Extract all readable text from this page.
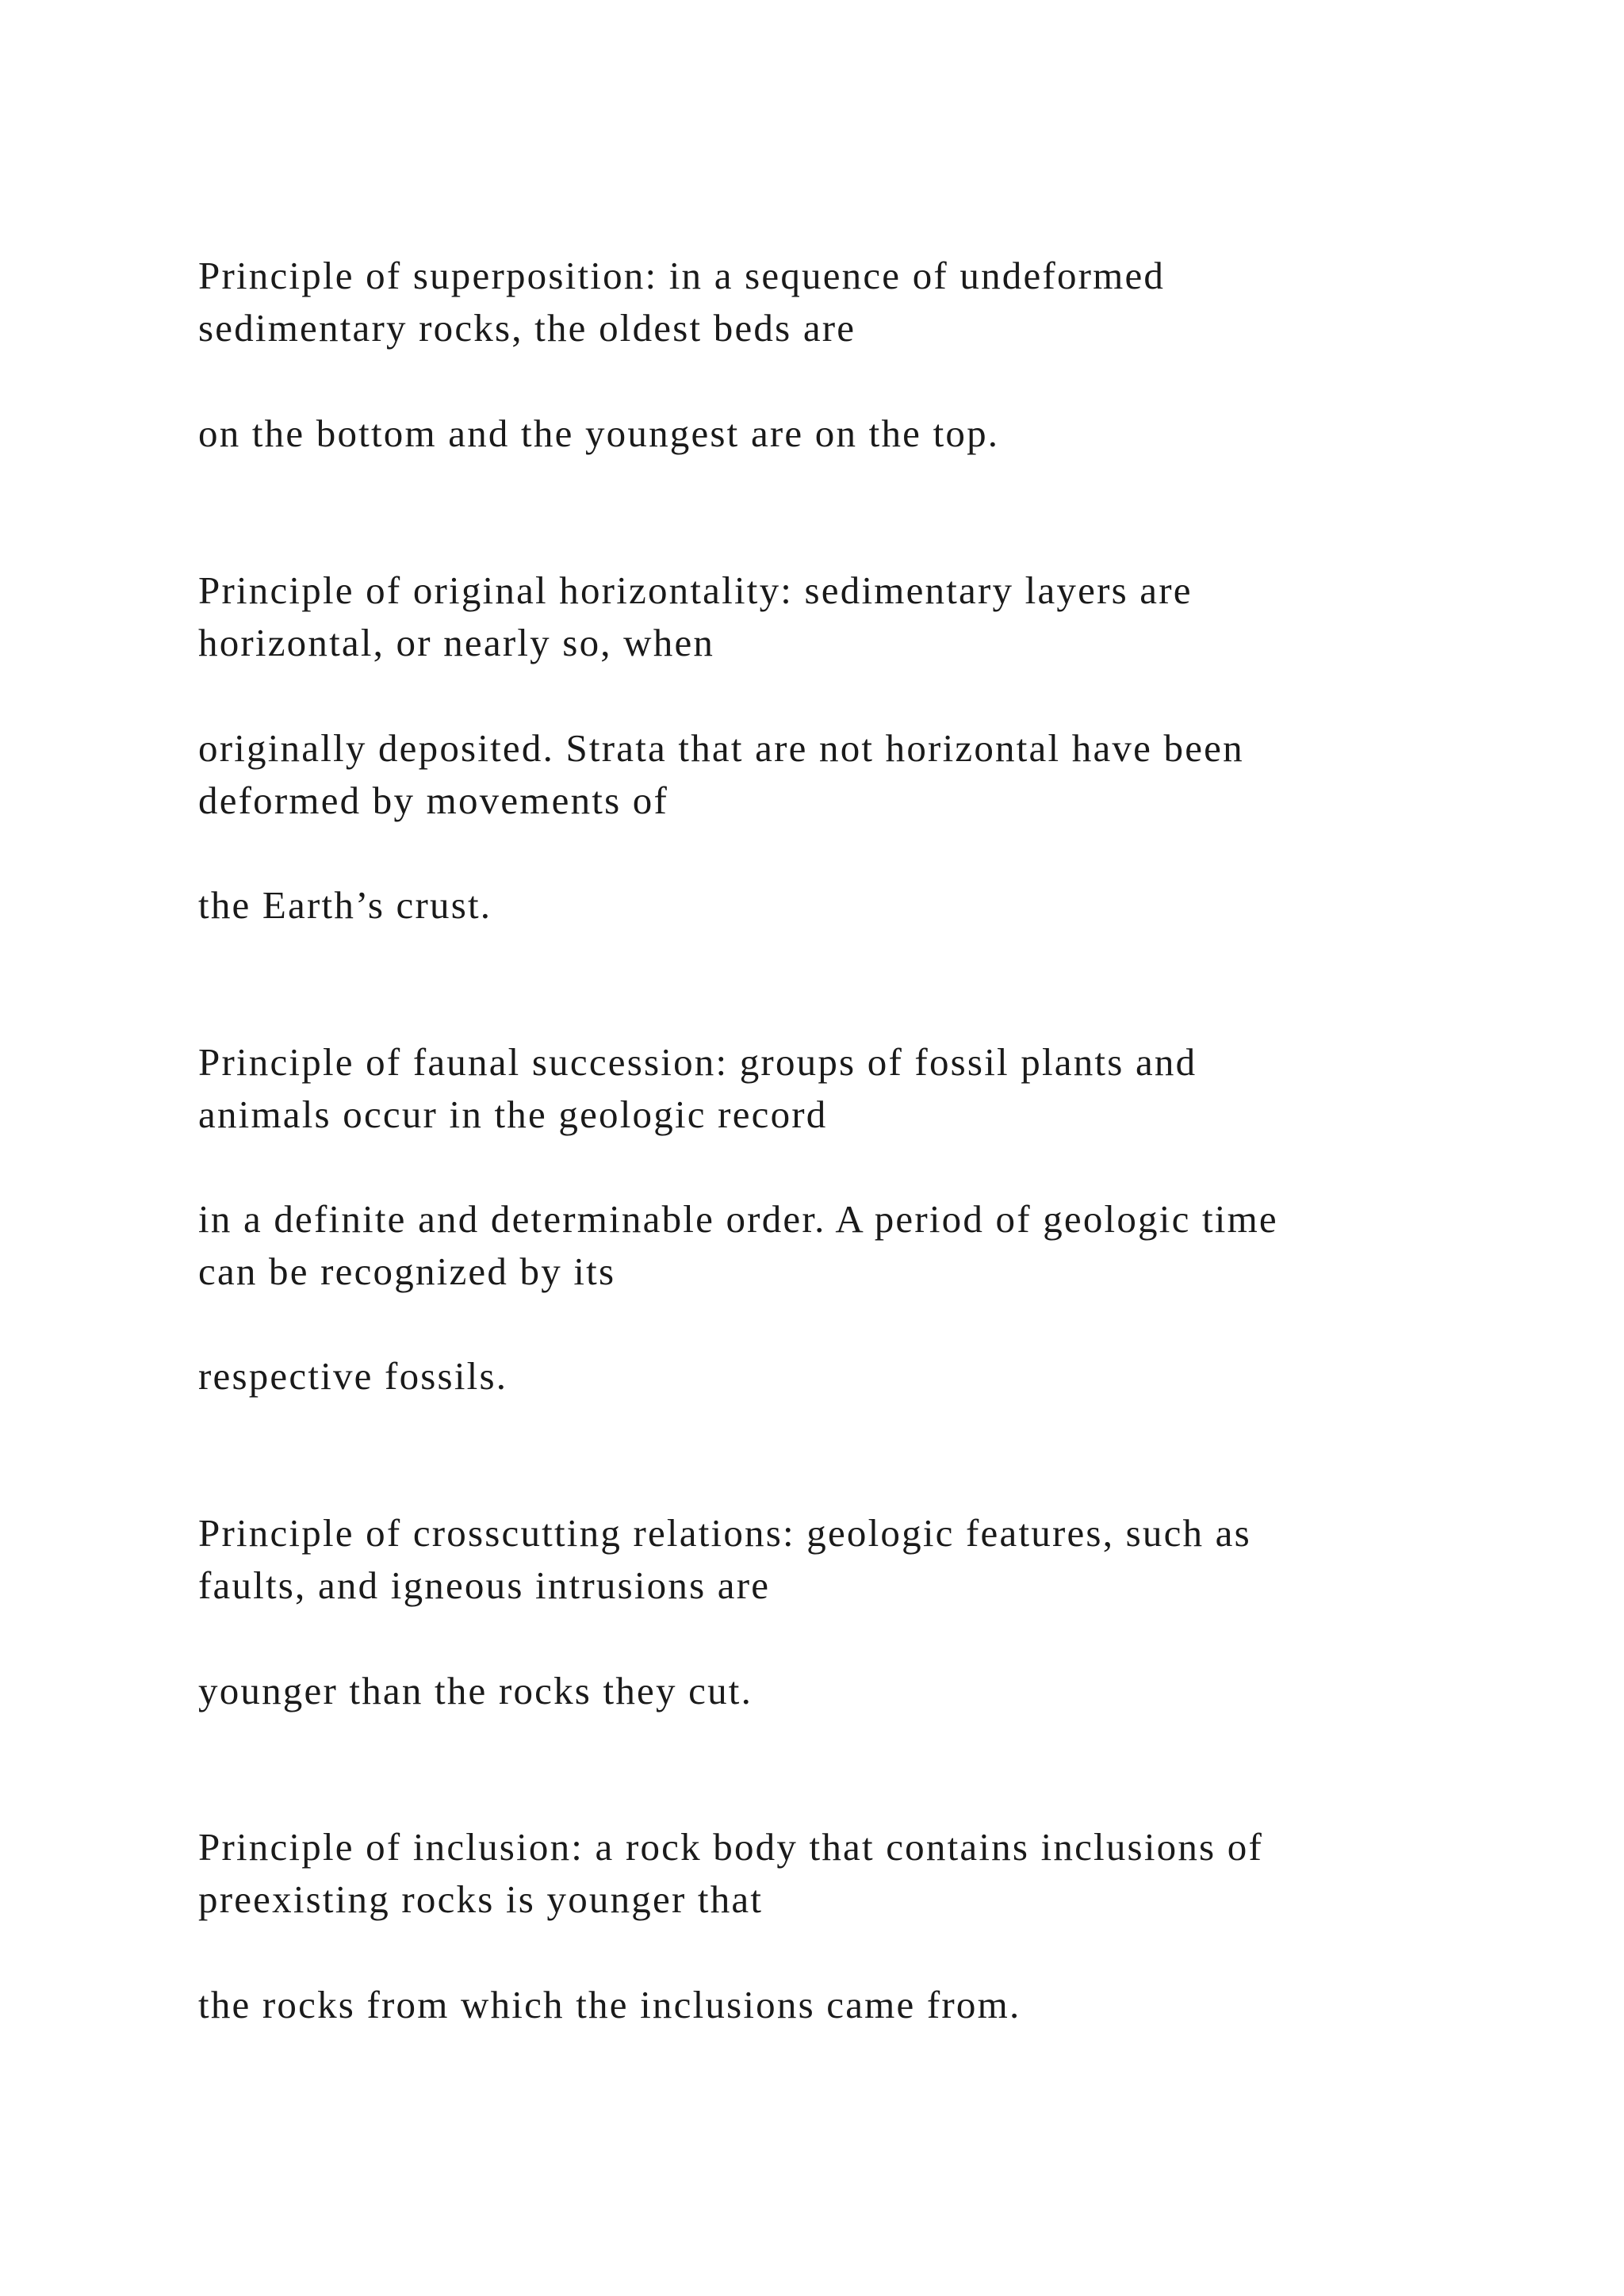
Principle of superposition: in a sequence of undeformed

sedimentary rocks, the oldest beds are

on the bottom and the youngest are on the top.

Principle of original horizontality: sedimentary layers are

horizontal, or nearly so, when

originally deposited. Strata that are not horizontal have been

deformed by movements of

the Earth’s crust.

Principle of faunal succession: groups of fossil plants and

animals occur in the geologic record

in a definite and determinable order. A period of geologic time

can be recognized by its

respective fossils.

Principle of crosscutting relations: geologic features, such as

faults, and igneous intrusions are

younger than the rocks they cut.

Principle of inclusion: a rock body that contains inclusions of

preexisting rocks is younger that

the rocks from which the inclusions came from.
